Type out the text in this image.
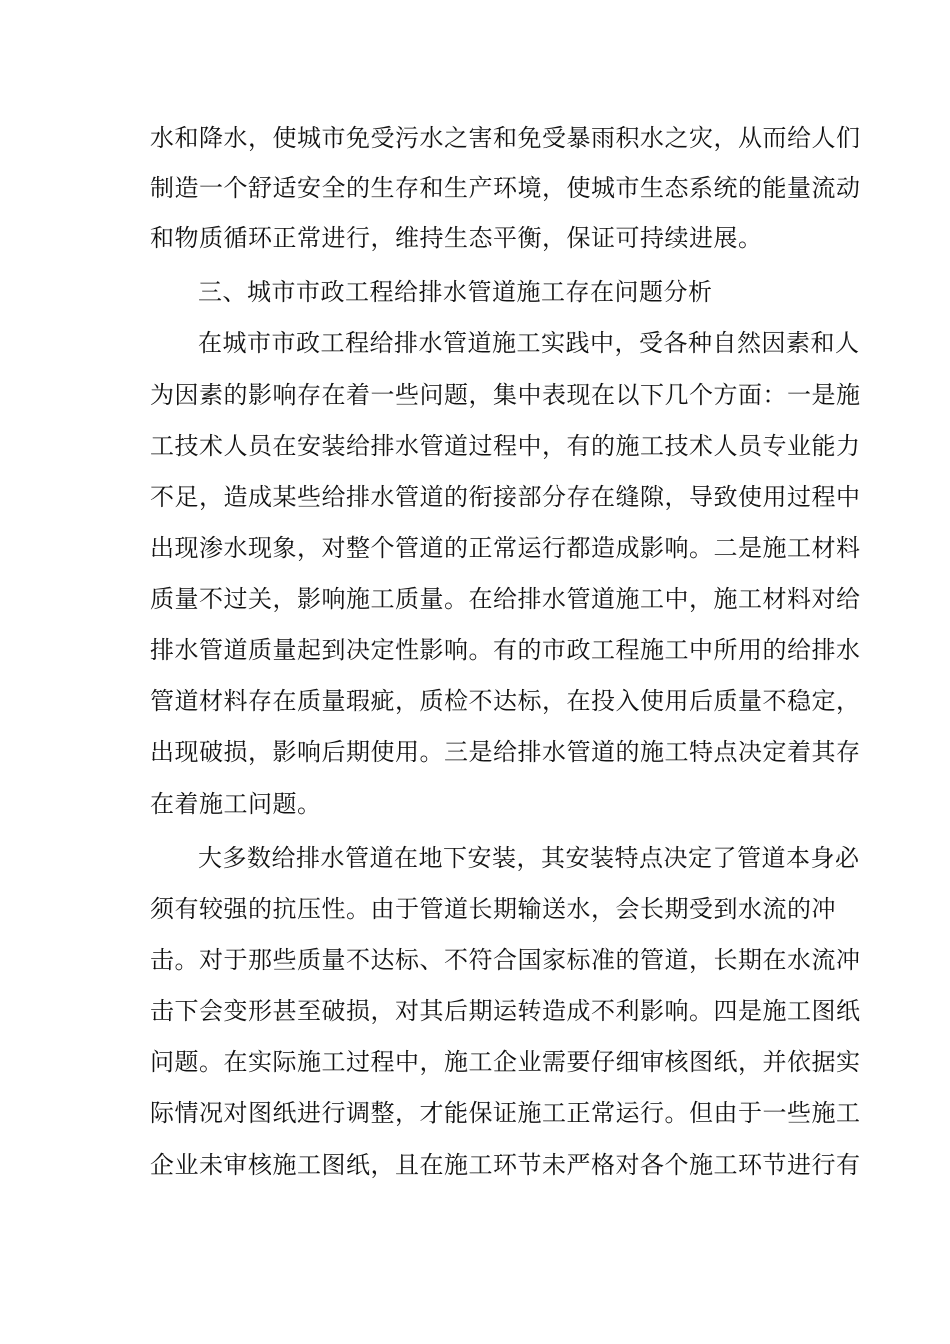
水和降水，使城市免受污水之害和免受暴雨积水之灾，从而给人们
制造一个舒适安全的生存和生产环境，使城市生态系统的能量流动
和物质循环正常进行，维持生态平衡，保证可持续进展。
三、城市市政工程给排水管道施工存在问题分析
在城市市政工程给排水管道施工实践中，受各种自然因素和人
为因素的影响存在着一些问题，集中表现在以下几个方面：一是施
工技术人员在安装给排水管道过程中，有的施工技术人员专业能力
不足，造成某些给排水管道的衔接部分存在缝隙，导致使用过程中
出现渗水现象，对整个管道的正常运行都造成影响。二是施工材料
质量不过关，影响施工质量。在给排水管道施工中，施工材料对给
排水管道质量起到决定性影响。有的市政工程施工中所用的给排水
管道材料存在质量瑕疵，质检不达标，在投入使用后质量不稳定，
出现破损，影响后期使用。三是给排水管道的施工特点决定着其存
在着施工问题。
大多数给排水管道在地下安装，其安装特点决定了管道本身必
须有较强的抗压性。由于管道长期输送水，会长期受到水流的冲
击。对于那些质量不达标、不符合国家标准的管道，长期在水流冲
击下会变形甚至破损，对其后期运转造成不利影响。四是施工图纸
问题。在实际施工过程中，施工企业需要仔细审核图纸，并依据实
际情况对图纸进行调整，才能保证施工正常运行。但由于一些施工
企业未审核施工图纸，且在施工环节未严格对各个施工环节进行有
